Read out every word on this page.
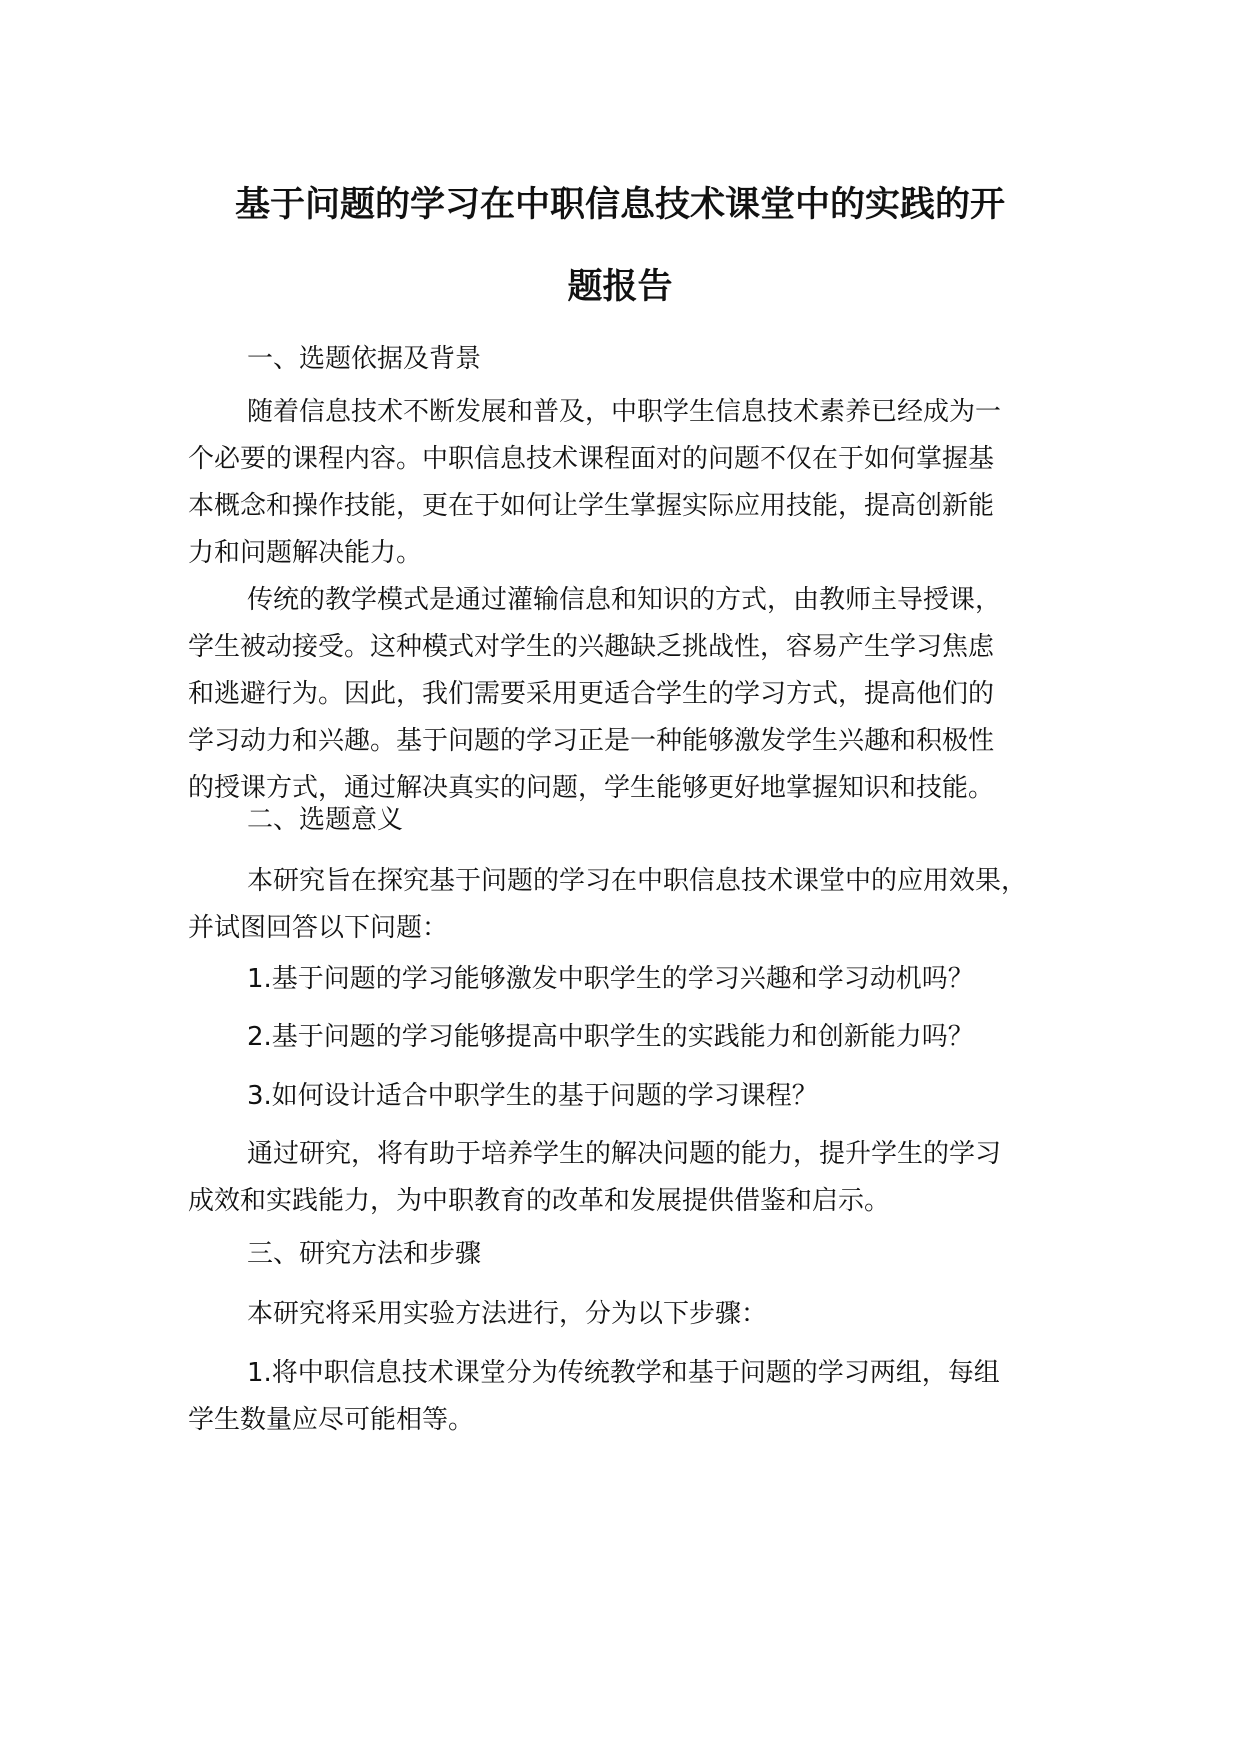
基于问题的学习在中职信息技术课堂中的实践的开
题报告

一、选题依据及背景

随着信息技术不断发展和普及，中职学生信息技术素养已经成为一
个必要的课程内容。中职信息技术课程面对的问题不仅在于如何掌握基
本概念和操作技能，更在于如何让学生掌握实际应用技能，提高创新能
力和问题解决能力。

传统的教学模式是通过灌输信息和知识的方式，由教师主导授课，
学生被动接受。这种模式对学生的兴趣缺乏挑战性，容易产生学习焦虑
和逃避行为。因此，我们需要采用更适合学生的学习方式，提高他们的
学习动力和兴趣。基于问题的学习正是一种能够激发学生兴趣和积极性
的授课方式，通过解决真实的问题，学生能够更好地掌握知识和技能。

二、选题意义

本研究旨在探究基于问题的学习在中职信息技术课堂中的应用效果，
并试图回答以下问题：

1.基于问题的学习能够激发中职学生的学习兴趣和学习动机吗？

2.基于问题的学习能够提高中职学生的实践能力和创新能力吗？

3.如何设计适合中职学生的基于问题的学习课程？

通过研究，将有助于培养学生的解决问题的能力，提升学生的学习
成效和实践能力，为中职教育的改革和发展提供借鉴和启示。

三、研究方法和步骤

本研究将采用实验方法进行，分为以下步骤：

1.将中职信息技术课堂分为传统教学和基于问题的学习两组，每组
学生数量应尽可能相等。
